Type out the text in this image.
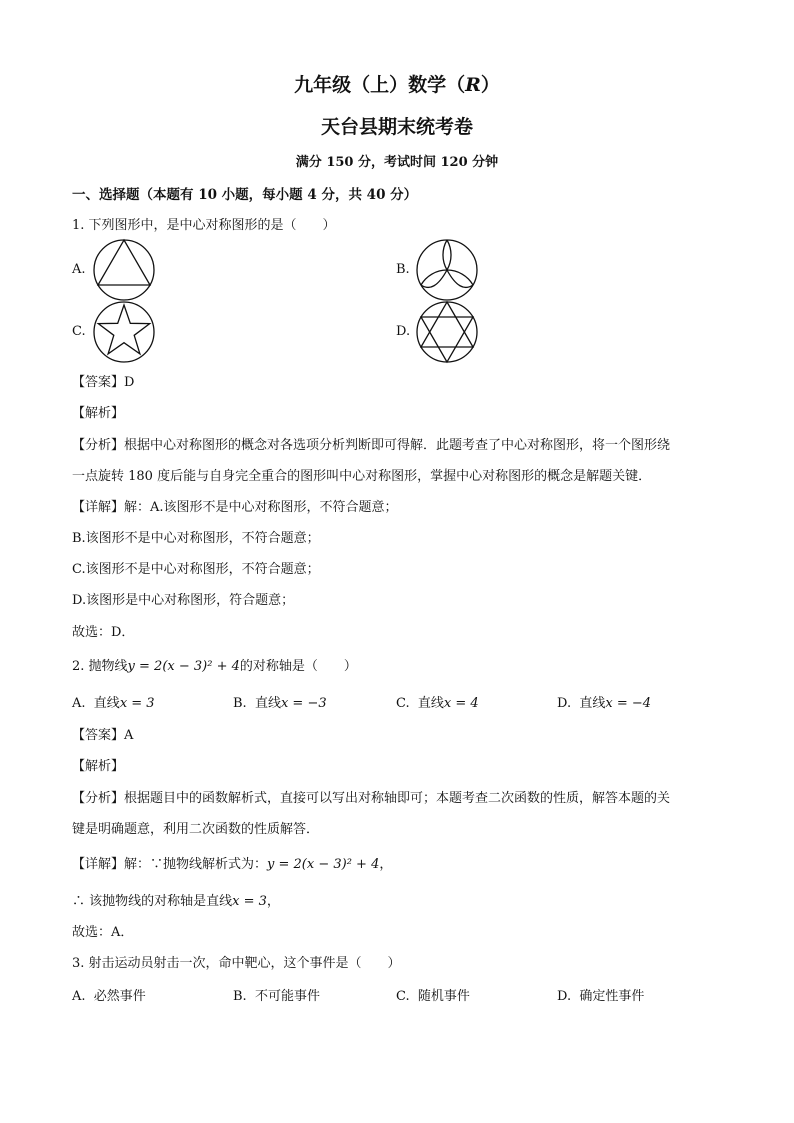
九年级（上）数学（R）
天台县期末统考卷
满分 150 分，考试时间 120 分钟
一、选择题（本题有 10 小题，每小题 4 分，共 40 分）
1. 下列图形中，是中心对称图形的是（　　）
A.	B.
C.	D.
【答案】D
【解析】
【分析】根据中心对称图形的概念对各选项分析判断即可得解．此题考查了中心对称图形，将一个图形绕
一点旋转 180 度后能与自身完全重合的图形叫中心对称图形，掌握中心对称图形的概念是解题关键．
【详解】解：A.该图形不是中心对称图形，不符合题意；
B.该图形不是中心对称图形，不符合题意；
C.该图形不是中心对称图形，不符合题意；
D.该图形是中心对称图形，符合题意；
故选：D．
2. 抛物线y = 2(x − 3)² + 4的对称轴是（　　）
A. 直线x = 3	B. 直线x = −3	C. 直线x = 4	D. 直线x = −4
【答案】A
【解析】
【分析】根据题目中的函数解析式，直接可以写出对称轴即可；本题考查二次函数的性质，解答本题的关
键是明确题意，利用二次函数的性质解答．
【详解】解：∵抛物线解析式为：y = 2(x − 3)² + 4，
∴ 该抛物线的对称轴是直线x = 3，
故选：A．
3. 射击运动员射击一次，命中靶心，这个事件是（　　）
A. 必然事件	B. 不可能事件	C. 随机事件	D. 确定性事件
